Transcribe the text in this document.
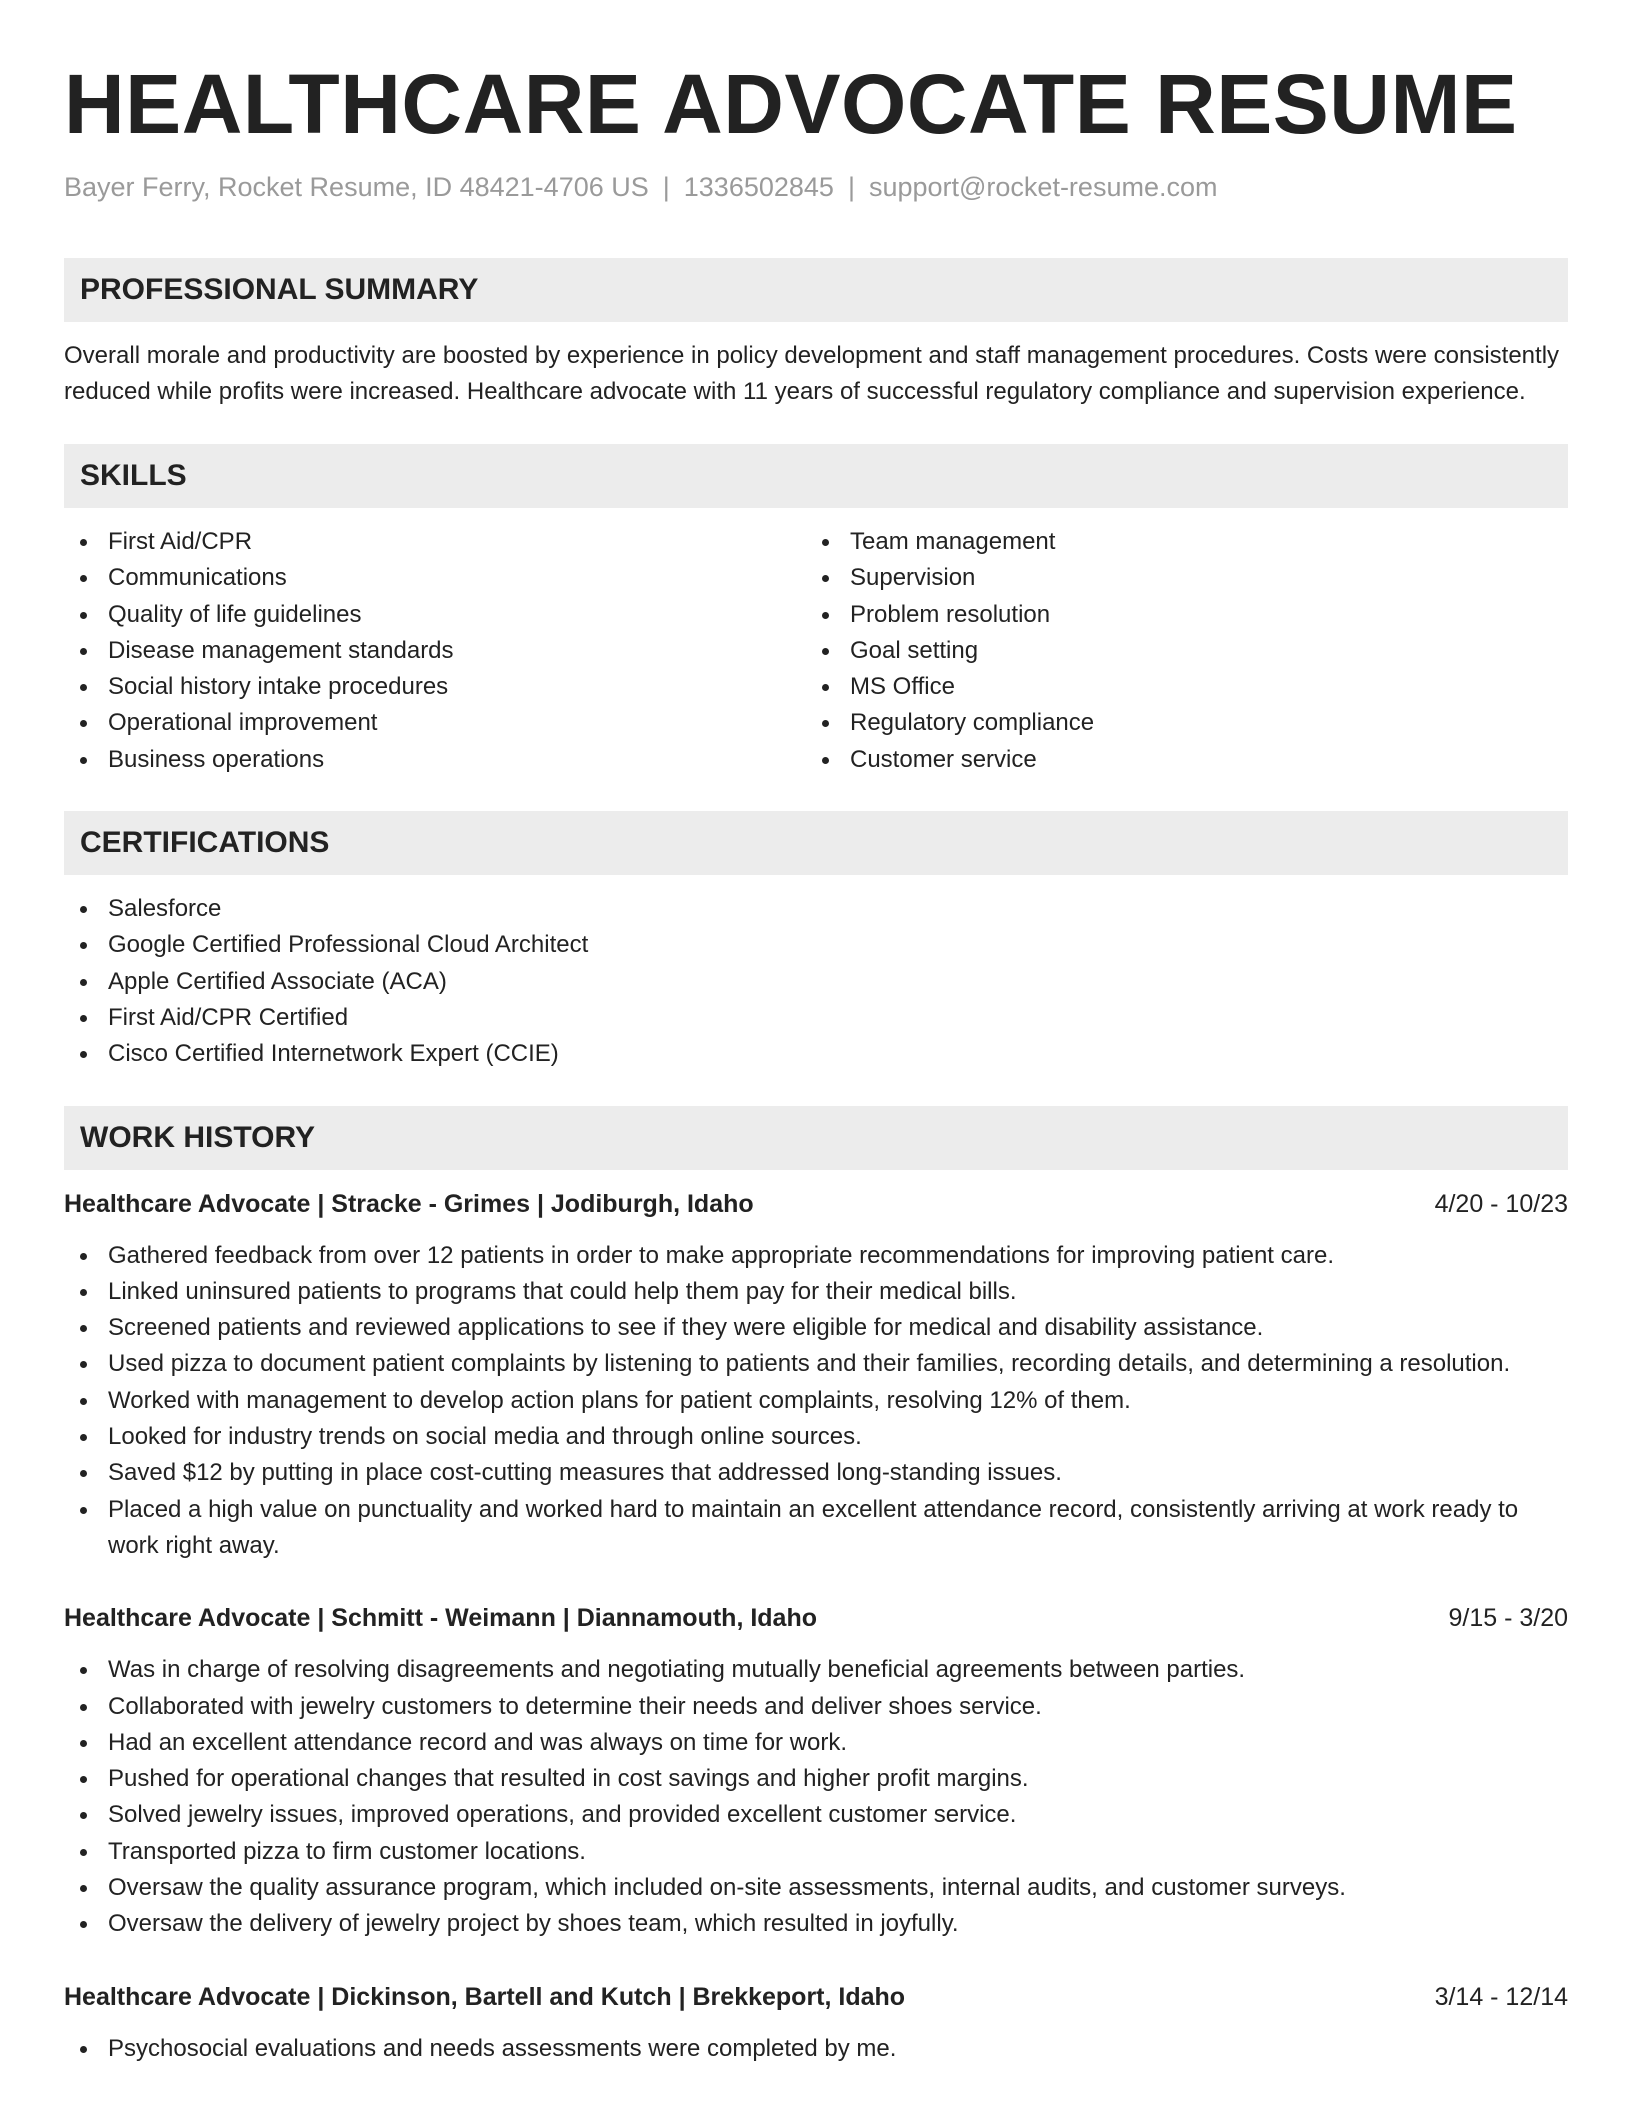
HEALTHCARE ADVOCATE RESUME
Bayer Ferry, Rocket Resume, ID 48421-4706 US | 1336502845 | support@rocket-resume.com
PROFESSIONAL SUMMARY

Overall morale and productivity are boosted by experience in policy development and staff management procedures. Costs were consistently reduced while profits were increased. Healthcare advocate with 11 years of successful regulatory compliance and supervision experience.

SKILLS
First Aid/CPR
Communications
Quality of life guidelines
Disease management standards
Social history intake procedures
Operational improvement
Business operations
Team management
Supervision
Problem resolution
Goal setting
MS Office
Regulatory compliance
Customer service
CERTIFICATIONS
Salesforce
Google Certified Professional Cloud Architect
Apple Certified Associate (ACA)
First Aid/CPR Certified
Cisco Certified Internetwork Expert (CCIE)
WORK HISTORY
Healthcare Advocate | Stracke - Grimes | Jodiburgh, Idaho	4/20 - 10/23
Gathered feedback from over 12 patients in order to make appropriate recommendations for improving patient care.
Linked uninsured patients to programs that could help them pay for their medical bills.
Screened patients and reviewed applications to see if they were eligible for medical and disability assistance.
Used pizza to document patient complaints by listening to patients and their families, recording details, and determining a resolution.
Worked with management to develop action plans for patient complaints, resolving 12% of them.
Looked for industry trends on social media and through online sources.
Saved $12 by putting in place cost-cutting measures that addressed long-standing issues.
Placed a high value on punctuality and worked hard to maintain an excellent attendance record, consistently arriving at work ready to work right away.
Healthcare Advocate | Schmitt - Weimann | Diannamouth, Idaho	9/15 - 3/20
Was in charge of resolving disagreements and negotiating mutually beneficial agreements between parties.
Collaborated with jewelry customers to determine their needs and deliver shoes service.
Had an excellent attendance record and was always on time for work.
Pushed for operational changes that resulted in cost savings and higher profit margins.
Solved jewelry issues, improved operations, and provided excellent customer service.
Transported pizza to firm customer locations.
Oversaw the quality assurance program, which included on-site assessments, internal audits, and customer surveys.
Oversaw the delivery of jewelry project by shoes team, which resulted in joyfully.
Healthcare Advocate | Dickinson, Bartell and Kutch | Brekkeport, Idaho	3/14 - 12/14
Psychosocial evaluations and needs assessments were completed by me.
